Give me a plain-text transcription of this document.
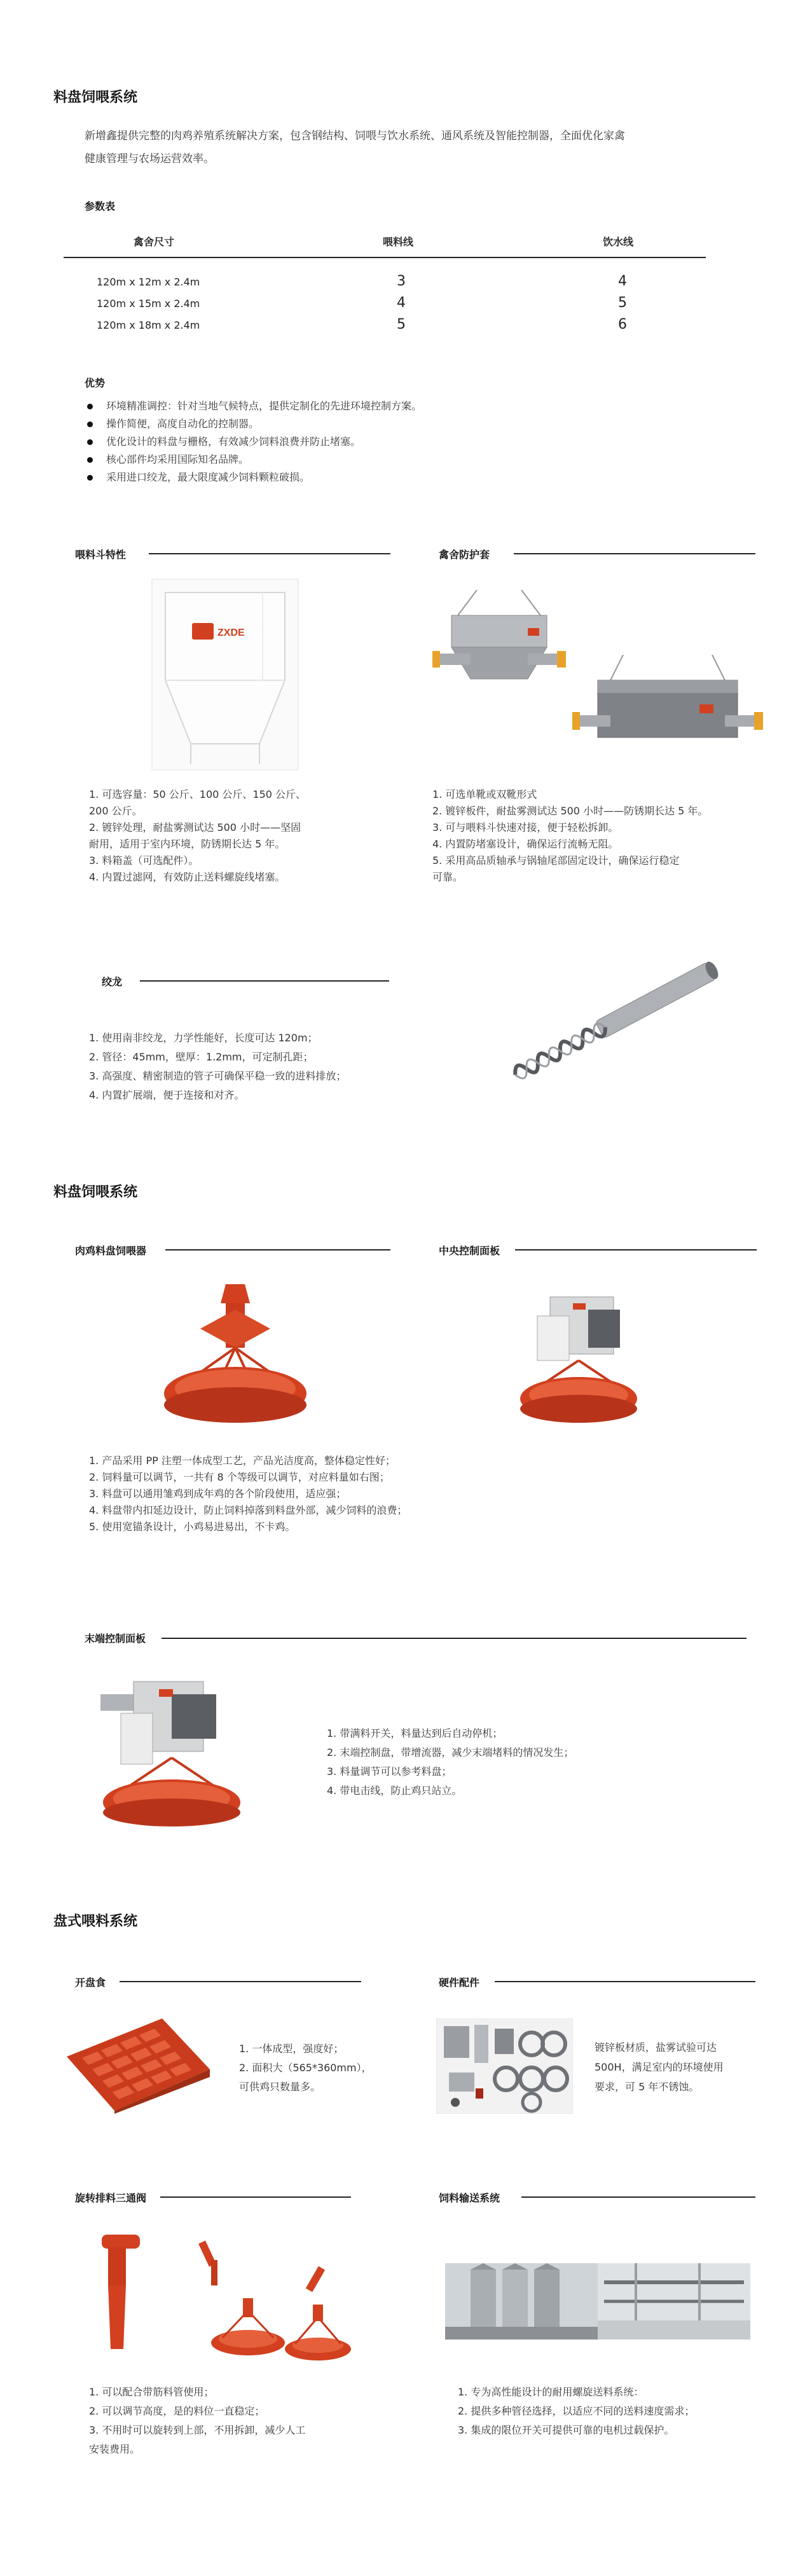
料盘饲喂系统
新增鑫提供完整的肉鸡养殖系统解决方案，包含钢结构、饲喂与饮水系统、通风系统及智能控制器，全面优化家禽
健康管理与农场运营效率。
参数表
禽舍尺寸	喂料线	饮水线
120m x 12m x 2.4m	3	4
120m x 15m x 2.4m	4	5
120m x 18m x 2.4m	5	6
优势
环境精准调控：针对当地气候特点，提供定制化的先进环境控制方案。
操作简便，高度自动化的控制器。
优化设计的料盘与栅格，有效减少饲料浪费并防止堵塞。
核心部件均采用国际知名品牌。
采用进口绞龙，最大限度减少饲料颗粒破损。
喂料斗特性
ZXDE
1. 可选容量：50 公斤、100 公斤、150 公斤、
200 公斤。
2. 镀锌处理，耐盐雾测试达 500 小时——坚固
耐用，适用于室内环境，防锈期长达 5 年。
3. 料箱盖（可选配件）。
4. 内置过滤网，有效防止送料螺旋线堵塞。
禽舍防护套
1. 可选单靴或双靴形式
2. 镀锌板件，耐盐雾测试达 500 小时——防锈期长达 5 年。
3. 可与喂料斗快速对接，便于轻松拆卸。
4. 内置防堵塞设计，确保运行流畅无阻。
5. 采用高品质轴承与锅轴尾部固定设计，确保运行稳定
可靠。
绞龙
1. 使用南非绞龙，力学性能好，长度可达 120m；
2. 管径：45mm，壁厚：1.2mm，可定制孔距；
3. 高强度、精密制造的管子可确保平稳一致的进料排放；
4. 内置扩展端，便于连接和对齐。
料盘饲喂系统
肉鸡料盘饲喂器	中央控制面板
1. 产品采用 PP 注塑一体成型工艺，产品光洁度高，整体稳定性好；
2. 饲料量可以调节，一共有 8 个等级可以调节，对应料量如右图；
3. 料盘可以通用雏鸡到成年鸡的各个阶段使用，适应强；
4. 料盘带内扣延边设计，防止饲料掉落到料盘外部，减少饲料的浪费；
5. 使用宽锚条设计，小鸡易进易出，不卡鸡。
末端控制面板
1. 带满料开关，料量达到后自动停机；
2. 末端控制盘，带增流器，减少末端堵料的情况发生；
3. 料量调节可以参考料盘；
4. 带电击线，防止鸡只站立。
盘式喂料系统
开盘食
1. 一体成型，强度好；
2. 面积大（565*360mm），
可供鸡只数量多。
硬件配件
镀锌板材质，盐雾试验可达
500H，满足室内的环境使用
要求，可 5 年不锈蚀。
旋转排料三通阀
1. 可以配合带筋料管使用；
2. 可以调节高度，是的料位一直稳定；
3. 不用时可以旋转到上部，不用拆卸，减少人工
安装费用。
饲料输送系统
1. 专为高性能设计的耐用螺旋送料系统：
2. 提供多种管径选择，以适应不同的送料速度需求；
3. 集成的限位开关可提供可靠的电机过载保护。
